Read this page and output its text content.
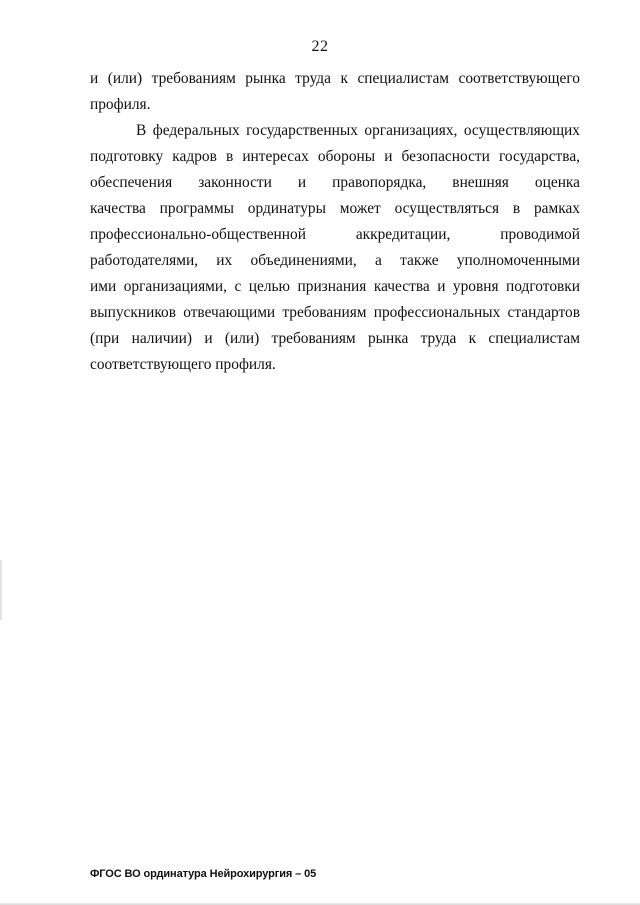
22
и (или) требованиям рынка труда к специалистам соответствующего
профиля.
В федеральных государственных организациях, осуществляющих
подготовку кадров в интересах обороны и безопасности государства,
обеспечения законности и правопорядка, внешняя оценка
качества программы ординатуры может осуществляться в рамках
профессионально-общественной аккредитации, проводимой
работодателями, их объединениями, а также уполномоченными
ими организациями, с целью признания качества и уровня подготовки
выпускников отвечающими требованиям профессиональных стандартов
(при наличии) и (или) требованиям рынка труда к специалистам
соответствующего профиля.
ФГОС ВО ординатура Нейрохирургия – 05
